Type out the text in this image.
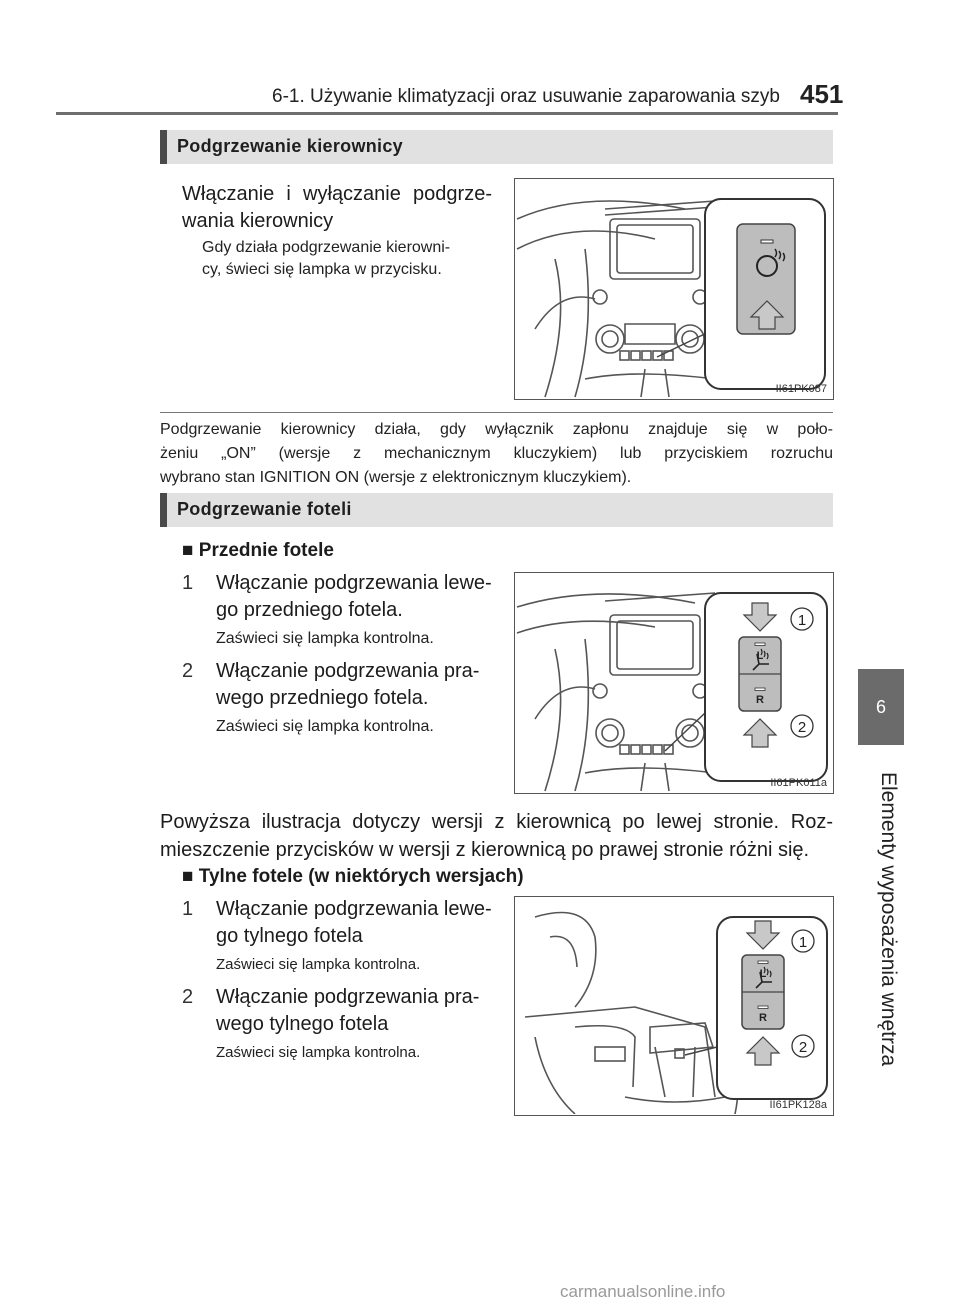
6-1. Używanie klimatyzacji oraz usuwanie zaparowania szyb 451
6
Elementy wyposażenia wnętrza
Podgrzewanie kierownicy
Włączanie i wyłączanie podgrze-
wania kierownicy
Gdy działa podgrzewanie kierowni-
cy, świeci się lampka w przycisku.
II61PK087
Podgrzewanie kierownicy działa, gdy wyłącznik zapłonu znajduje się w poło-
żeniu „ON” (wersje z mechanicznym kluczykiem) lub przyciskiem rozruchu
wybrano stan IGNITION ON (wersje z elektronicznym kluczykiem).
Podgrzewanie foteli
■ Przednie fotele
1 Włączanie podgrzewania lewe-
go przedniego fotela.
Zaświeci się lampka kontrolna.
2 Włączanie podgrzewania pra-
wego przedniego fotela.
Zaświeci się lampka kontrolna.
L
R
1
2
II61PK011a
Powyższa ilustracja dotyczy wersji z kierownicą po lewej stronie. Roz-
mieszczenie przycisków w wersji z kierownicą po prawej stronie różni się.
■ Tylne fotele (w niektórych wersjach)
1 Włączanie podgrzewania lewe-
go tylnego fotela
Zaświeci się lampka kontrolna.
2 Włączanie podgrzewania pra-
wego tylnego fotela
Zaświeci się lampka kontrolna.
L
R
1
2
II61PK128a
carmanualsonline.info
